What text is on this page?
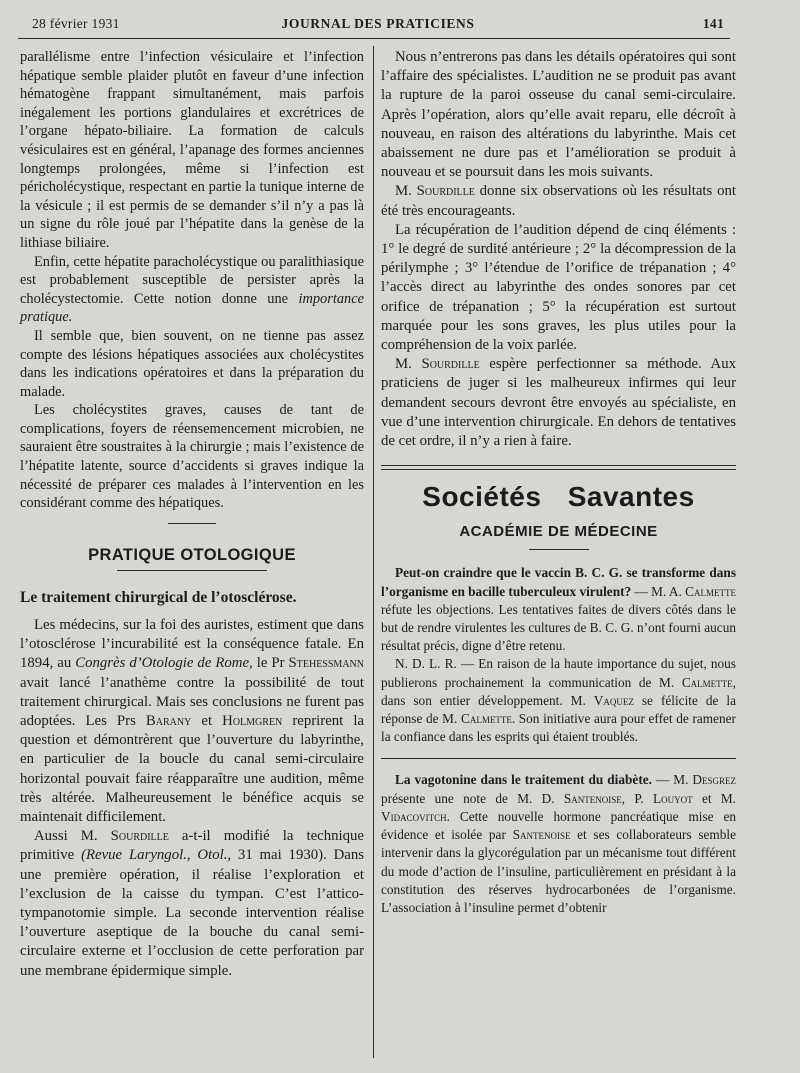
28 février 1931	JOURNAL DES PRATICIENS	141

parallélisme entre l’infection vésiculaire et l’infection hépatique semble plaider plutôt en faveur d’une infection hématogène frappant simultanément, mais parfois inégalement les portions glandulaires et excrétrices de l’organe hépato-biliaire. La formation de calculs vésiculaires est en général, l’apanage des formes anciennes longtemps prolongées, même si l’infection est péricholécystique, respectant en partie la tunique interne de la vésicule ; il est permis de se demander s’il n’y a pas là un signe du rôle joué par l’hépatite dans la genèse de la lithiase biliaire.

Enfin, cette hépatite paracholécystique ou paralithiasique est probablement susceptible de persister après la cholécystectomie. Cette notion donne une importance pratique.

Il semble que, bien souvent, on ne tienne pas assez compte des lésions hépatiques associées aux cholécystites dans les indications opératoires et dans la préparation du malade.

Les cholécystites graves, causes de tant de complications, foyers de réensemencement microbien, ne sauraient être soustraites à la chirurgie ; mais l’existence de l’hépatite latente, source d’accidents si graves indique la nécessité de préparer ces malades à l’intervention en les considérant comme des hépatiques.

PRATIQUE OTOLOGIQUE

Le traitement chirurgical de l’otosclérose.

Les médecins, sur la foi des auristes, estiment que dans l’otosclérose l’incurabilité est la conséquence fatale. En 1894, au Congrès d’Otologie de Rome, le Pr Stehessmann avait lancé l’anathème contre la possibilité de tout traitement chirurgical. Mais ses conclusions ne furent pas adoptées. Les Prs Barany et Holmgren reprirent la question et démontrèrent que l’ouverture du labyrinthe, en particulier de la boucle du canal semi-circulaire horizontal pouvait faire réapparaître une audition, même très altérée. Malheureusement le bénéfice acquis se maintenait difficilement.

Aussi M. Sourdille a-t-il modifié la technique primitive (Revue Laryngol., Otol., 31 mai 1930). Dans une première opération, il réalise l’exploration et l’exclusion de la caisse du tympan. C’est l’attico-tympanotomie simple. La seconde intervention réalise l’ouverture aseptique de la bouche du canal semi-circulaire externe et l’occlusion de cette perforation par une membrane épidermique simple.

Nous n’entrerons pas dans les détails opératoires qui sont l’affaire des spécialistes. L’audition ne se produit pas avant la rupture de la paroi osseuse du canal semi-circulaire. Après l’opération, alors qu’elle avait reparu, elle décroît à nouveau, en raison des altérations du labyrinthe. Mais cet abaissement ne dure pas et l’amélioration se produit à nouveau et se poursuit dans les mois suivants.

M. Sourdille donne six observations où les résultats ont été très encourageants.

La récupération de l’audition dépend de cinq éléments : 1° le degré de surdité antérieure ; 2° la décompression de la périlymphe ; 3° l’étendue de l’orifice de trépanation ; 4° l’accès direct au labyrinthe des ondes sonores par cet orifice de trépanation ; 5° la récupération est surtout marquée pour les sons graves, les plus utiles pour la compréhension de la voix parlée.

M. Sourdille espère perfectionner sa méthode. Aux praticiens de juger si les malheureux infirmes qui leur demandent secours devront être envoyés au spécialiste, en vue d’une intervention chirurgicale. En dehors de tentatives de cet ordre, il n’y a rien à faire.

Sociétés Savantes
ACADÉMIE DE MÉDECINE

Peut-on craindre que le vaccin B. C. G. se transforme dans l’organisme en bacille tuberculeux virulent? — M. A. Calmette réfute les objections. Les tentatives faites de divers côtés dans le but de rendre virulentes les cultures de B. C. G. n’ont fourni aucun résultat précis, digne d’être retenu.

N. D. L. R. — En raison de la haute importance du sujet, nous publierons prochainement la communication de M. Calmette, dans son entier développement. M. Vaquez se félicite de la réponse de M. Calmette. Son initiative aura pour effet de ramener la confiance dans les esprits qui étaient troublés.

La vagotonine dans le traitement du diabète. — M. Desgrez présente une note de M. D. Santenoise, P. Louyot et M. Vidacovitch. Cette nouvelle hormone pancréatique mise en évidence et isolée par Santenoise et ses collaborateurs semble intervenir dans la glycorégulation par un mécanisme tout différent du mode d’action de l’insuline, particulièrement en présidant à la constitution des réserves hydrocarbonées de l’organisme. L’association à l’insuline permet d’obtenir
